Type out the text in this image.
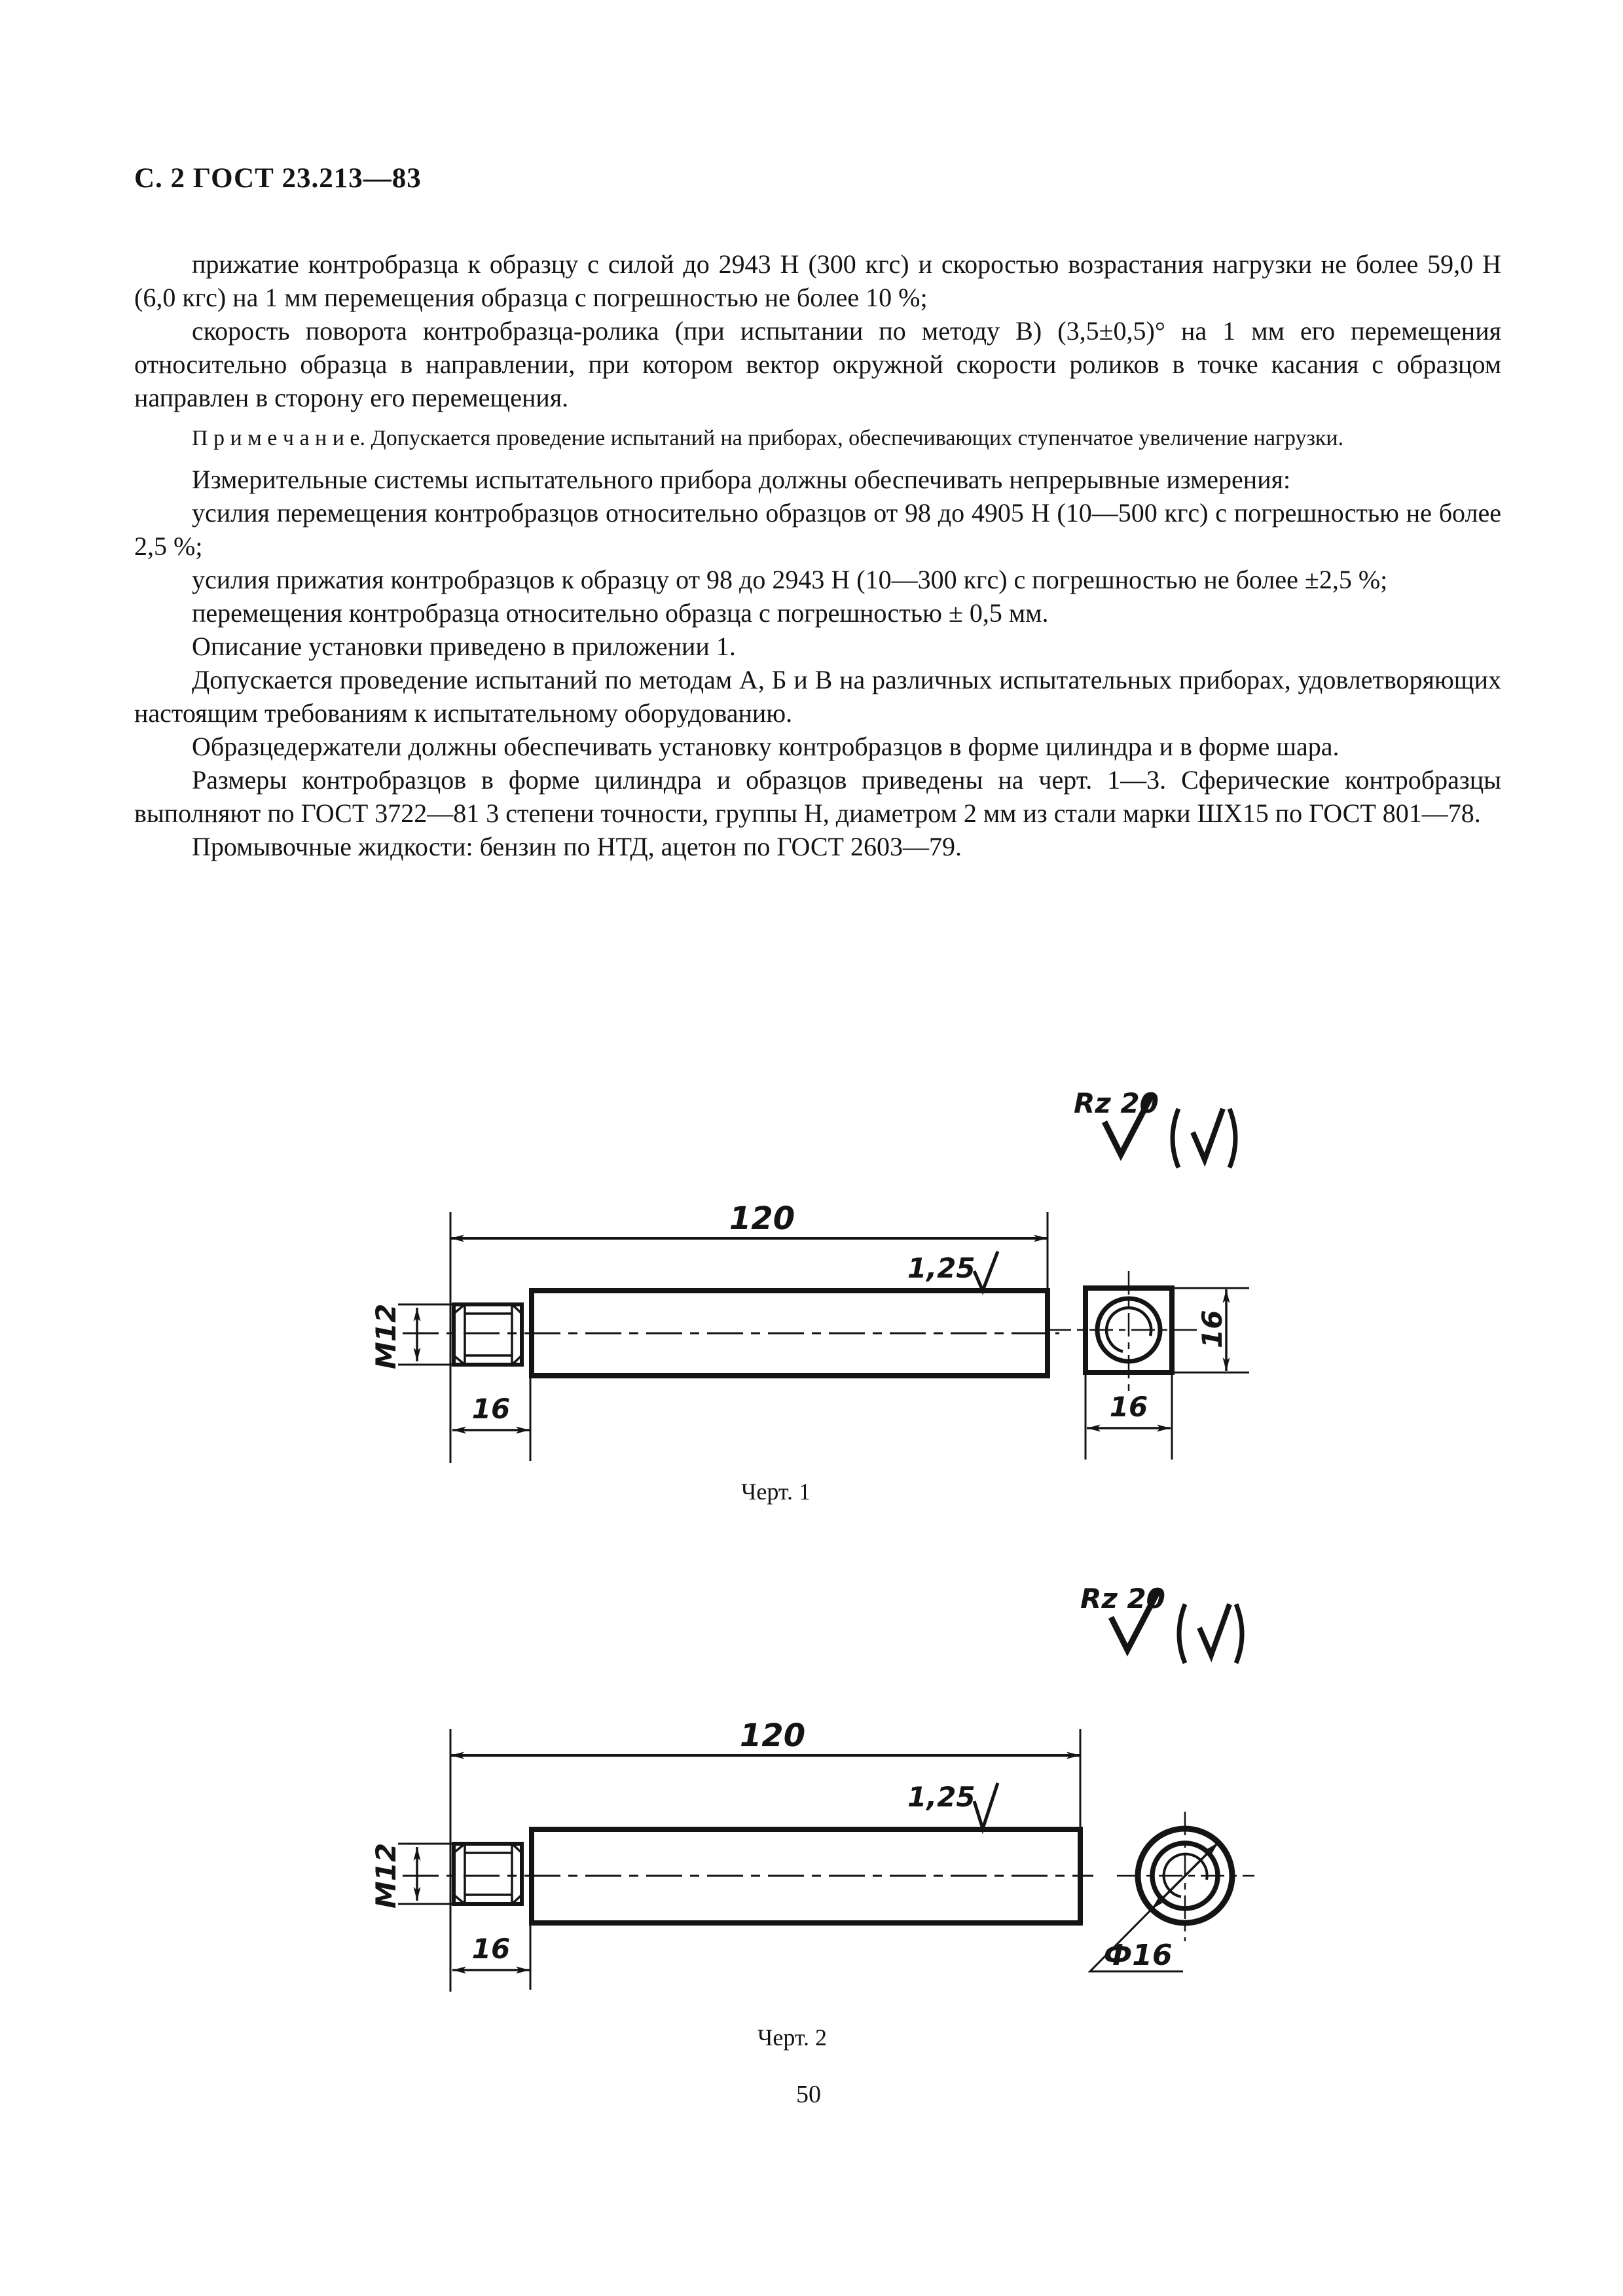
С. 2 ГОСТ 23.213—83

прижатие контробразца к образцу с силой до 2943 Н (300 кгс) и скоростью возрастания нагрузки не более 59,0 Н (6,0 кгс) на 1 мм перемещения образца с погрешностью не более 10 %;

скорость поворота контробразца-ролика (при испытании по методу В) (3,5±0,5)° на 1 мм его перемещения относительно образца в направлении, при котором вектор окружной скорости роликов в точке касания с образцом направлен в сторону его перемещения.

П р и м е ч а н и е. Допускается проведение испытаний на приборах, обеспечивающих ступенчатое увеличение нагрузки.

Измерительные системы испытательного прибора должны обеспечивать непрерывные измерения:

усилия перемещения контробразцов относительно образцов от 98 до 4905 Н (10—500 кгс) с погрешностью не более 2,5 %;

усилия прижатия контробразцов к образцу от 98 до 2943 Н (10—300 кгс) с погрешностью не более ±2,5 %;

перемещения контробразца относительно образца с погрешностью ± 0,5 мм.

Описание установки приведено в приложении 1.

Допускается проведение испытаний по методам А, Б и В на различных испытательных приборах, удовлетворяющих настоящим требованиям к испытательному оборудованию.

Образцедержатели должны обеспечивать установку контробразцов в форме цилиндра и в форме шара.

Размеры контробразцов в форме цилиндра и образцов приведены на черт. 1—3. Сферические контробразцы выполняют по ГОСТ 3722—81 3 степени точности, группы Н, диаметром 2 мм из стали марки ШХ15 по ГОСТ 801—78.

Промывочные жидкости: бензин по НТД, ацетон по ГОСТ 2603—79.

Rz 20
120
М12
1,25
16
16
16
Черт. 1
Rz 20
120
М12
1,25
16	Ф16
Черт. 2
50
